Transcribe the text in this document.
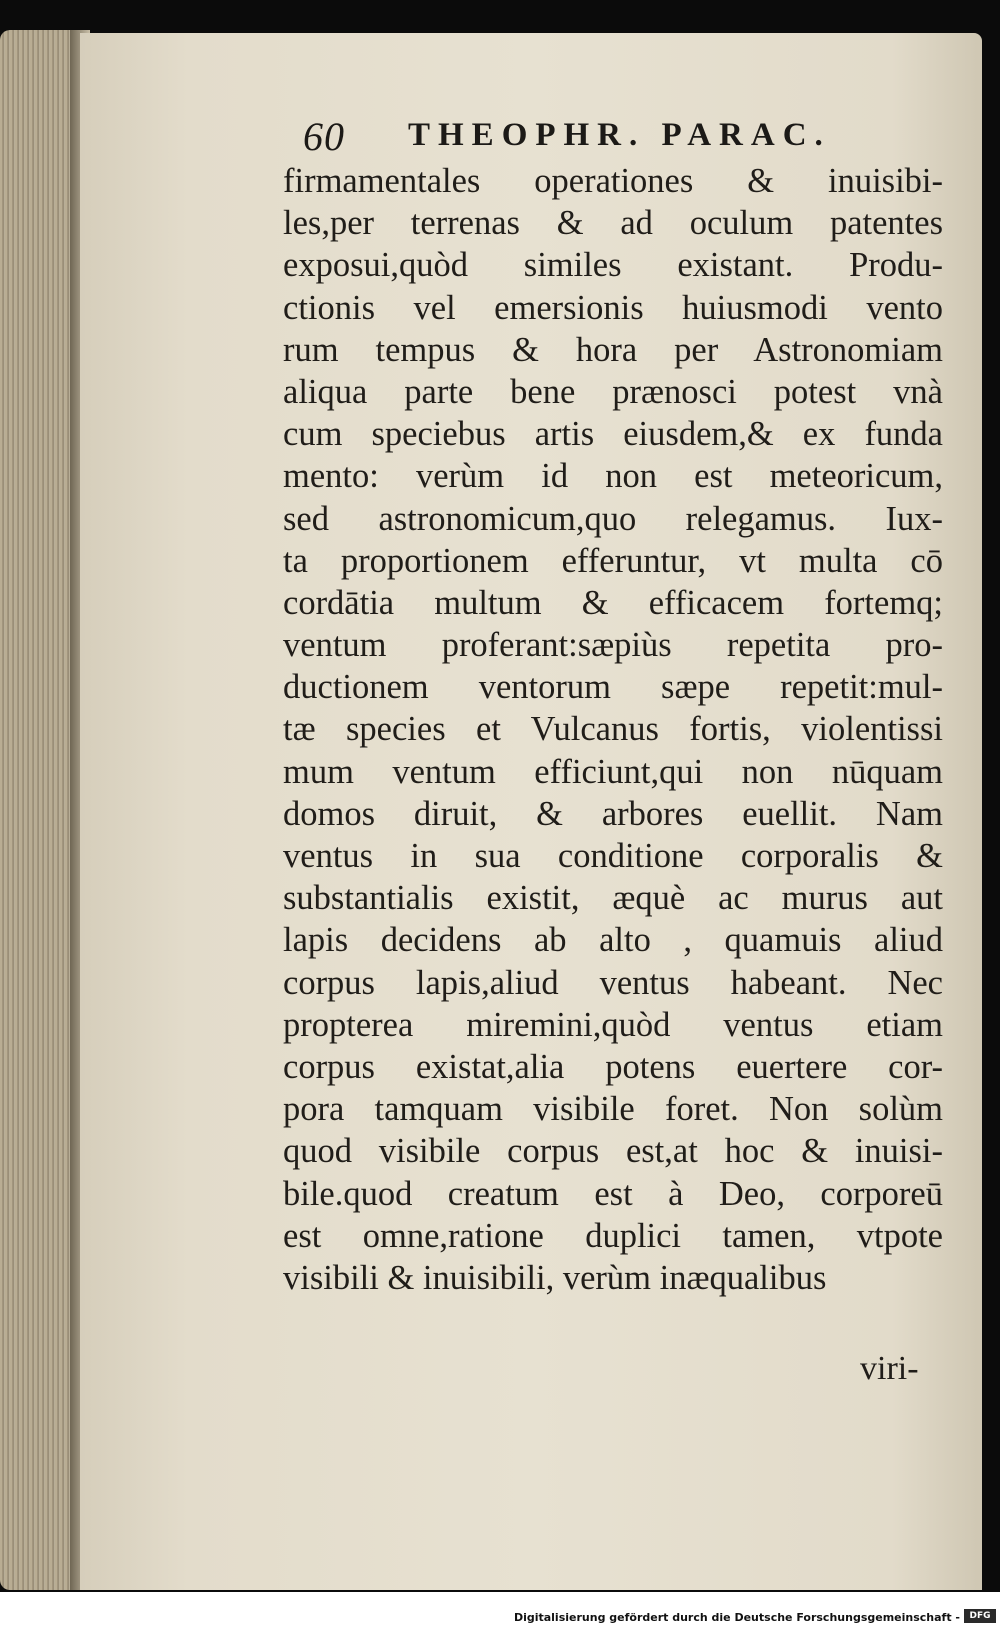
60 THEOPHR. PARAC.
firmamentales operationes & inuisibi-
les,per terrenas & ad oculum patentes
exposui,quòd similes existant. Produ-
ctionis vel emersionis huiusmodi vento
rum tempus & hora per Astronomiam
aliqua parte bene prænosci potest vnà
cum speciebus artis eiusdem,& ex funda
mento: verùm id non est meteoricum,
sed astronomicum,quo relegamus. Iux-
ta proportionem efferuntur, vt multa cō
cordātia multum & efficacem fortemq;
ventum proferant:sæpiùs repetita pro-
ductionem ventorum sæpe repetit:mul-
tæ species et Vulcanus fortis, violentissi
mum ventum efficiunt,qui non nūquam
domos diruit, & arbores euellit. Nam
ventus in sua conditione corporalis &
substantialis existit, æquè ac murus aut
lapis decidens ab alto , quamuis aliud
corpus lapis,aliud ventus habeant. Nec
propterea miremini,quòd ventus etiam
corpus existat,alia potens euertere cor-
pora tamquam visibile foret. Non solùm
quod visibile corpus est,at hoc & inuisi-
bile.quod creatum est à Deo, corporeū
est omne,ratione duplici tamen, vtpote
visibili & inuisibili, verùm inæqualibus
viri-
Digitalisierung gefördert durch die Deutsche Forschungsgemeinschaft -	DFG
